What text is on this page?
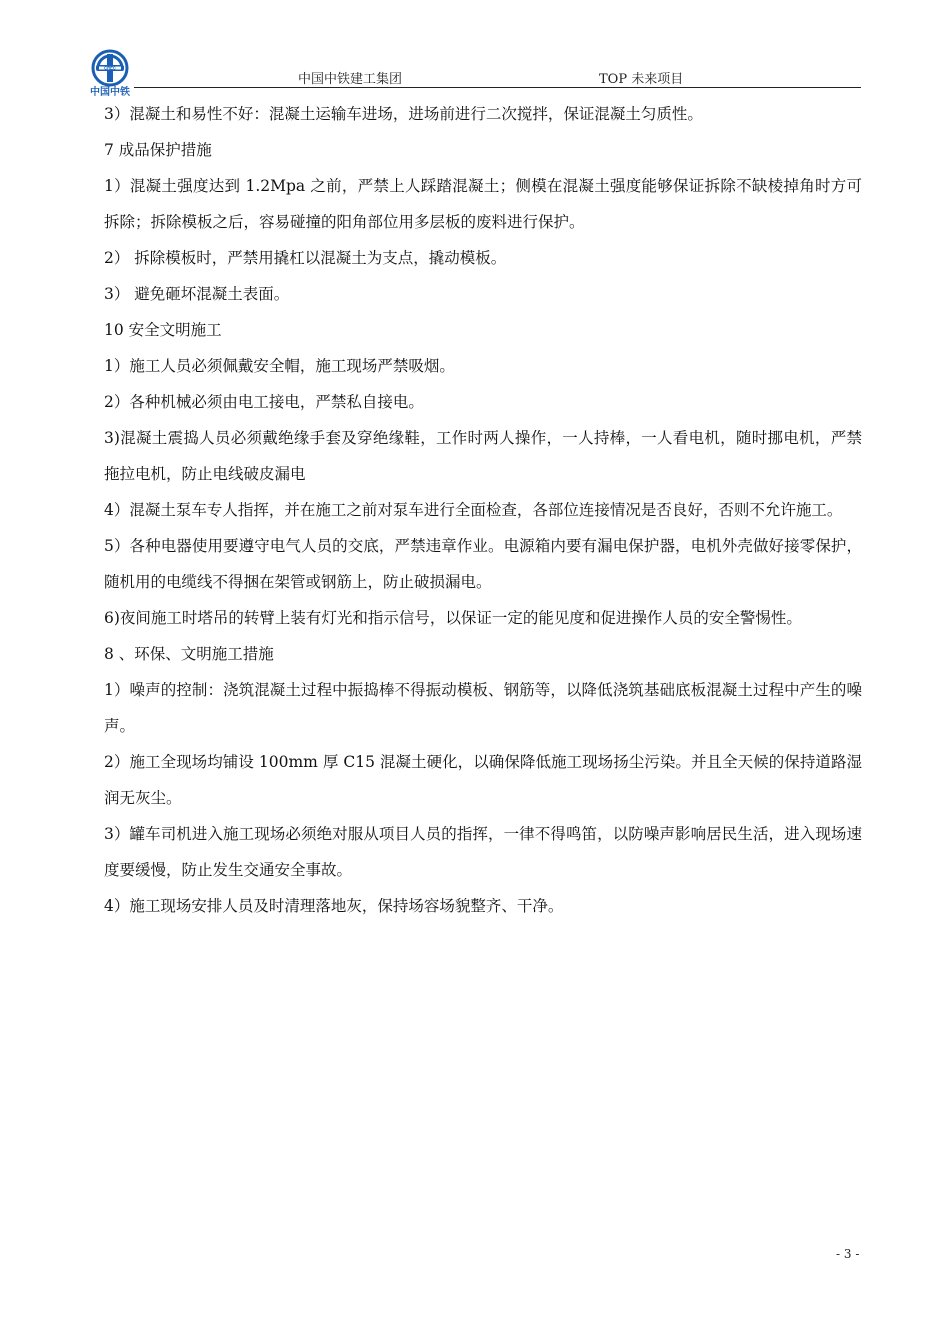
CREC
中国中铁
中国中铁建工集团	TOP 未来项目

3）混凝土和易性不好：混凝土运输车进场，进场前进行二次搅拌，保证混凝土匀质性。

7 成品保护措施

1）混凝土强度达到 1.2Mpa 之前，严禁上人踩踏混凝土；侧模在混凝土强度能够保证拆除不缺棱掉角时方可拆除；拆除模板之后，容易碰撞的阳角部位用多层板的废料进行保护。

2） 拆除模板时，严禁用撬杠以混凝土为支点，撬动模板。

3） 避免砸坏混凝土表面。

10 安全文明施工

1）施工人员必须佩戴安全帽，施工现场严禁吸烟。

2）各种机械必须由电工接电，严禁私自接电。

3)混凝土震捣人员必须戴绝缘手套及穿绝缘鞋，工作时两人操作，一人持棒，一人看电机，随时挪电机，严禁拖拉电机，防止电线破皮漏电

4）混凝土泵车专人指挥，并在施工之前对泵车进行全面检查，各部位连接情况是否良好，否则不允许施工。

5）各种电器使用要遵守电气人员的交底，严禁违章作业。电源箱内要有漏电保护器，电机外壳做好接零保护，随机用的电缆线不得捆在架管或钢筋上，防止破损漏电。

6)夜间施工时塔吊的转臂上装有灯光和指示信号，以保证一定的能见度和促进操作人员的安全警惕性。

8 、环保、文明施工措施

1）噪声的控制：浇筑混凝土过程中振捣棒不得振动模板、钢筋等，以降低浇筑基础底板混凝土过程中产生的噪声。

2）施工全现场均铺设 100mm 厚 C15 混凝土硬化，以确保降低施工现场扬尘污染。并且全天候的保持道路湿润无灰尘。

3）罐车司机进入施工现场必须绝对服从项目人员的指挥，一律不得鸣笛，以防噪声影响居民生活，进入现场速度要缓慢，防止发生交通安全事故。

4）施工现场安排人员及时清理落地灰，保持场容场貌整齐、干净。

- 3 -
